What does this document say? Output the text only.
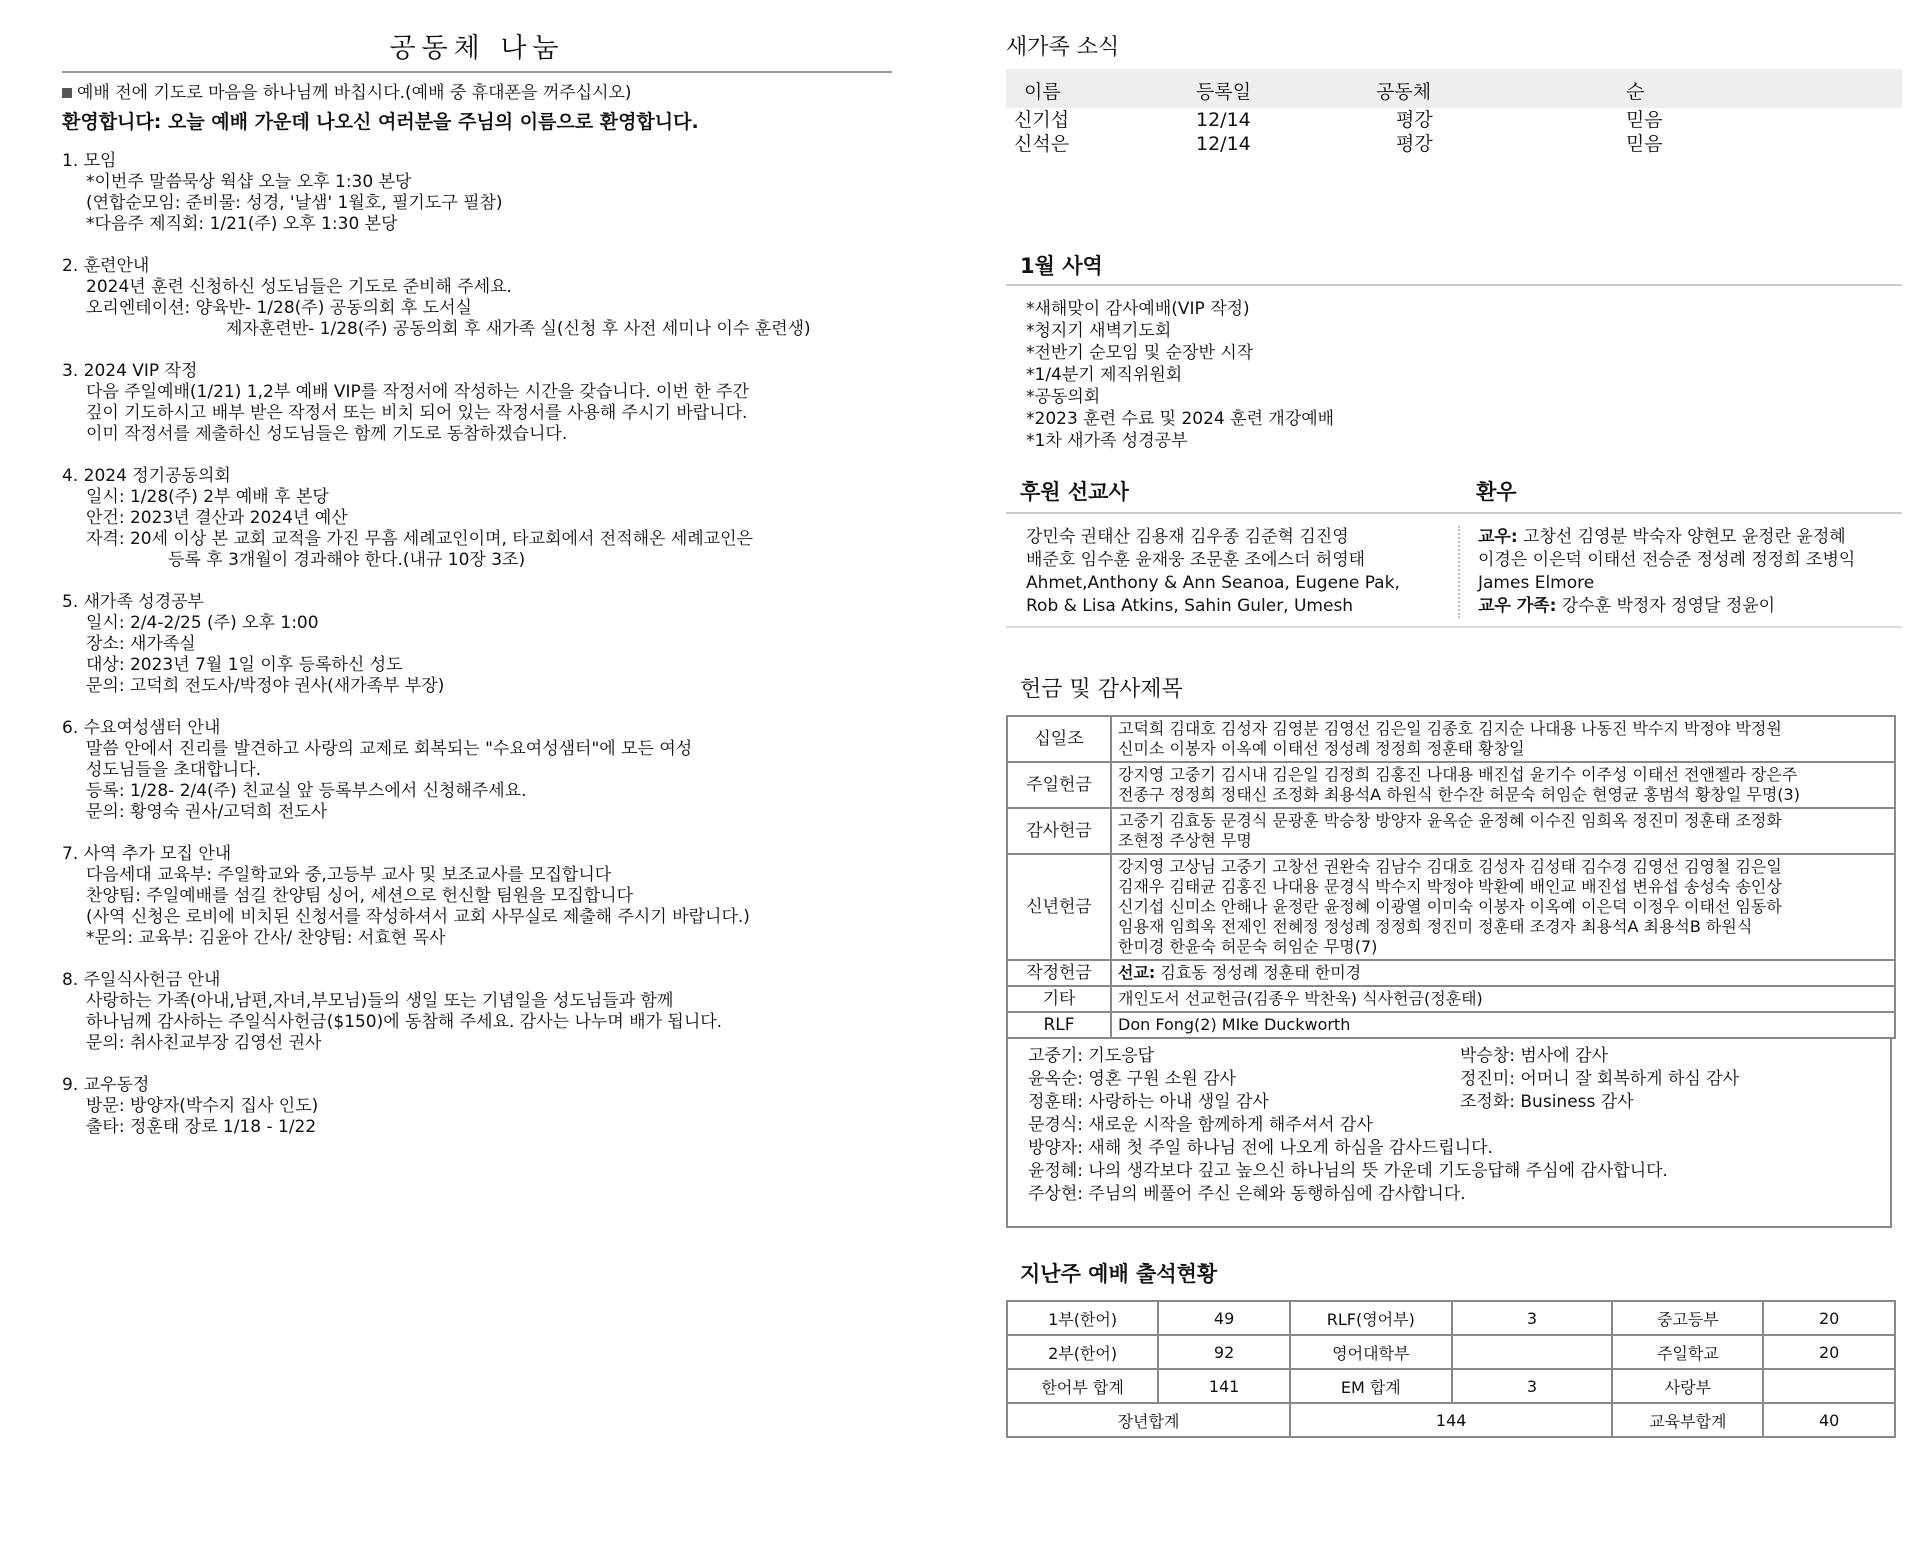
공동체 나눔
예배 전에 기도로 마음을 하나님께 바칩시다.(예배 중 휴대폰을 꺼주십시오)
환영합니다: 오늘 예배 가운데 나오신 여러분을 주님의 이름으로 환영합니다.
1. 모임
*이번주 말씀묵상 웍샵 오늘 오후 1:30 본당
(연합순모임: 준비물: 성경, '날샘' 1월호, 필기도구 필참)
*다음주 제직회: 1/21(주) 오후 1:30 본당
2. 훈련안내
2024년 훈련 신청하신 성도님들은 기도로 준비해 주세요.
오리엔테이션: 양육반- 1/28(주) 공동의회 후 도서실
제자훈련반- 1/28(주) 공동의회 후 새가족 실(신청 후 사전 세미나 이수 훈련생)
3. 2024 VIP 작정
다음 주일예배(1/21) 1,2부 예배 VIP를 작정서에 작성하는 시간을 갖습니다. 이번 한 주간
깊이 기도하시고 배부 받은 작정서 또는 비치 되어 있는 작정서를 사용해 주시기 바랍니다.
이미 작정서를 제출하신 성도님들은 함께 기도로 동참하겠습니다.
4. 2024 정기공동의회
일시: 1/28(주) 2부 예배 후 본당
안건: 2023년 결산과 2024년 예산
자격: 20세 이상 본 교회 교적을 가진 무흠 세례교인이며, 타교회에서 전적해온 세례교인은
등록 후 3개월이 경과해야 한다.(내규 10장 3조)
5. 새가족 성경공부
일시: 2/4-2/25 (주) 오후 1:00
장소: 새가족실
대상: 2023년 7월 1일 이후 등록하신 성도
문의: 고덕희 전도사/박정야 권사(새가족부 부장)
6. 수요여성샘터 안내
말씀 안에서 진리를 발견하고 사랑의 교제로 회복되는 "수요여성샘터"에 모든 여성
성도님들을 초대합니다.
등록: 1/28- 2/4(주) 친교실 앞 등록부스에서 신청해주세요.
문의: 황영숙 권사/고덕희 전도사
7. 사역 추가 모집 안내
다음세대 교육부: 주일학교와 중,고등부 교사 및 보조교사를 모집합니다
찬양팀: 주일예배를 섬길 찬양팀 싱어, 세션으로 헌신할 팀원을 모집합니다
(사역 신청은 로비에 비치된 신청서를 작성하셔서 교회 사무실로 제출해 주시기 바랍니다.)
*문의: 교육부: 김윤아 간사/ 찬양팀: 서효현 목사
8. 주일식사헌금 안내
사랑하는 가족(아내,남편,자녀,부모님)들의 생일 또는 기념일을 성도님들과 함께
하나님께 감사하는 주일식사헌금($150)에 동참해 주세요. 감사는 나누며 배가 됩니다.
문의: 취사친교부장 김영선 권사
9. 교우동정
방문: 방양자(박수지 집사 인도)
출타: 정훈태 장로 1/18 - 1/22
새가족 소식
이름	등록일	공동체	순
신기섭	12/14	평강	믿음
신석은	12/14	평강	믿음
1월 사역
*새해맞이 감사예배(VIP 작정)
*청지기 새벽기도회
*전반기 순모임 및 순장반 시작
*1/4분기 제직위원회
*공동의회
*2023 훈련 수료 및 2024 훈련 개강예배
*1차 새가족 성경공부
후원 선교사	환우
강민숙 권태산 김용재 김우종 김준혁 김진영
배준호 임수훈 윤재웅 조문훈 조에스더 허영태
Ahmet,Anthony & Ann Seanoa, Eugene Pak,
Rob & Lisa Atkins, Sahin Guler, Umesh
교우: 고창선 김영분 박숙자 양현모 윤정란 윤정혜
이경은 이은덕 이태선 전승준 정성례 정정희 조병익
James Elmore
교우 가족: 강수훈 박정자 정영달 정윤이
헌금 및 감사제목
십일조	고덕희 김대호 김성자 김영분 김영선 김은일 김종호 김지순 나대용 나동진 박수지 박정야 박정원
신미소 이봉자 이옥예 이태선 정성례 정정희 정훈태 황창일

주일헌금	강지영 고중기 김시내 김은일 김정희 김홍진 나대용 배진섭 윤기수 이주성 이태선 전앤젤라 장은주
전종구 정정희 정태신 조정화 최용석A 하원식 한수잔 허문숙 허임순 현영균 홍범석 황창일 무명(3)

감사헌금	고중기 김효동 문경식 문광훈 박승창 방양자 윤옥순 윤정혜 이수진 임희옥 정진미 정훈태 조정화
조현정 주상현 무명

신년헌금	강지영 고상님 고중기 고창선 권완숙 김남수 김대호 김성자 김성태 김수경 김영선 김영철 김은일
김재우 김태균 김홍진 나대용 문경식 박수지 박정야 박환예 배인교 배진섭 변유섭 송성숙 송인상
신기섭 신미소 안해나 윤정란 윤정혜 이광열 이미숙 이봉자 이옥예 이은덕 이정우 이태선 임동하
임용재 임희옥 전제인 전혜정 정성례 정정희 정진미 정훈태 조경자 최용석A 최용석B 하원식
한미경 한윤숙 허문숙 허임순 무명(7)

작정헌금	선교: 김효동 정성례 정훈태 한미경

기타	개인도서 선교헌금(김종우 박찬욱) 식사헌금(정훈태)

RLF	Don Fong(2) MIke Duckworth
고중기: 기도응답	박승창: 범사에 감사
윤옥순: 영혼 구원 소원 감사	정진미: 어머니 잘 회복하게 하심 감사
정훈태: 사랑하는 아내 생일 감사	조정화: Business 감사
문경식: 새로운 시작을 함께하게 해주셔서 감사
방양자: 새해 첫 주일 하나님 전에 나오게 하심을 감사드립니다.
윤정혜: 나의 생각보다 깊고 높으신 하나님의 뜻 가운데 기도응답해 주심에 감사합니다.
주상현: 주님의 베풀어 주신 은혜와 동행하심에 감사합니다.
지난주 예배 출석현황
1부(한어)	49	RLF(영어부)	3	중고등부	20
2부(한어)	92	영어대학부		주일학교	20
한어부 합계	141	EM 합계	3	사랑부	
장년합계		144		교육부합계	40
